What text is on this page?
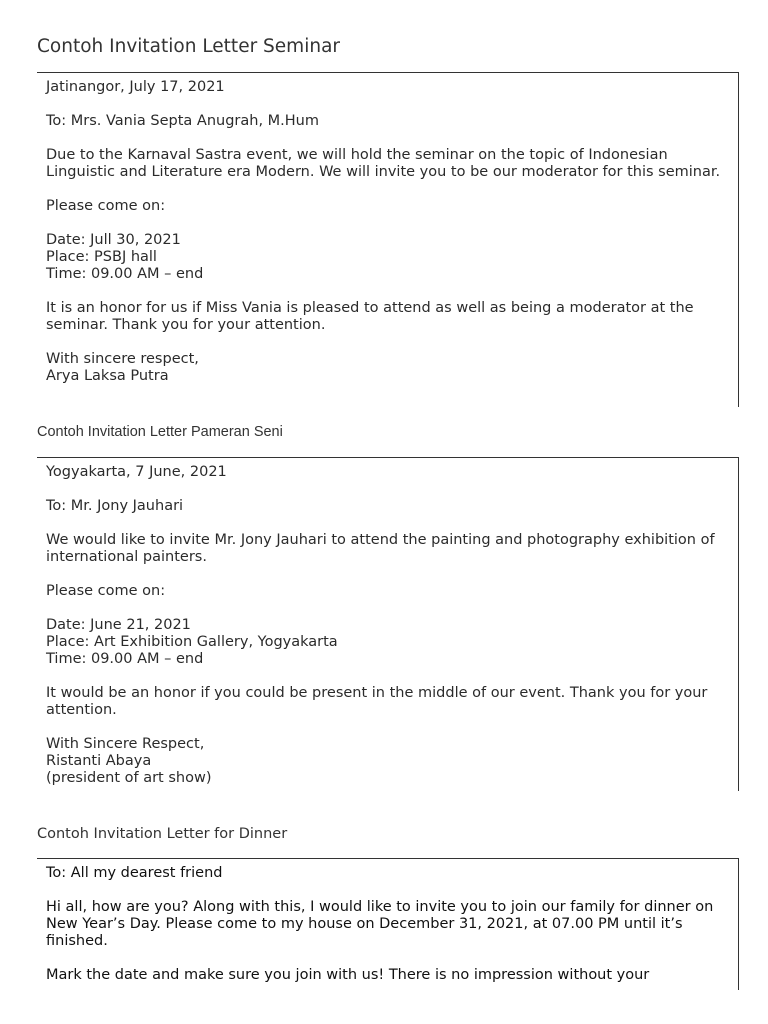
Contoh Invitation Letter Seminar

Jatinangor, July 17, 2021

To: Mrs. Vania Septa Anugrah, M.Hum

Due to the Karnaval Sastra event, we will hold the seminar on the topic of Indonesian Linguistic and Literature era Modern. We will invite you to be our moderator for this seminar.

Please come on:

Date: Jull 30, 2021
Place: PSBJ hall
Time: 09.00 AM – end

It is an honor for us if Miss Vania is pleased to attend as well as being a moderator at the seminar. Thank you for your attention.

With sincere respect,
Arya Laksa Putra

Contoh Invitation Letter Pameran Seni

Yogyakarta, 7 June, 2021

To: Mr. Jony Jauhari

We would like to invite Mr. Jony Jauhari to attend the painting and photography exhibition of international painters.

Please come on:

Date: June 21, 2021
Place: Art Exhibition Gallery, Yogyakarta
Time: 09.00 AM – end

It would be an honor if you could be present in the middle of our event. Thank you for your attention.

With Sincere Respect,
Ristanti Abaya
(president of art show)

Contoh Invitation Letter for Dinner

To: All my dearest friend

Hi all, how are you? Along with this, I would like to invite you to join our family for dinner on New Year’s Day. Please come to my house on December 31, 2021, at 07.00 PM until it’s finished.

Mark the date and make sure you join with us! There is no impression without your
